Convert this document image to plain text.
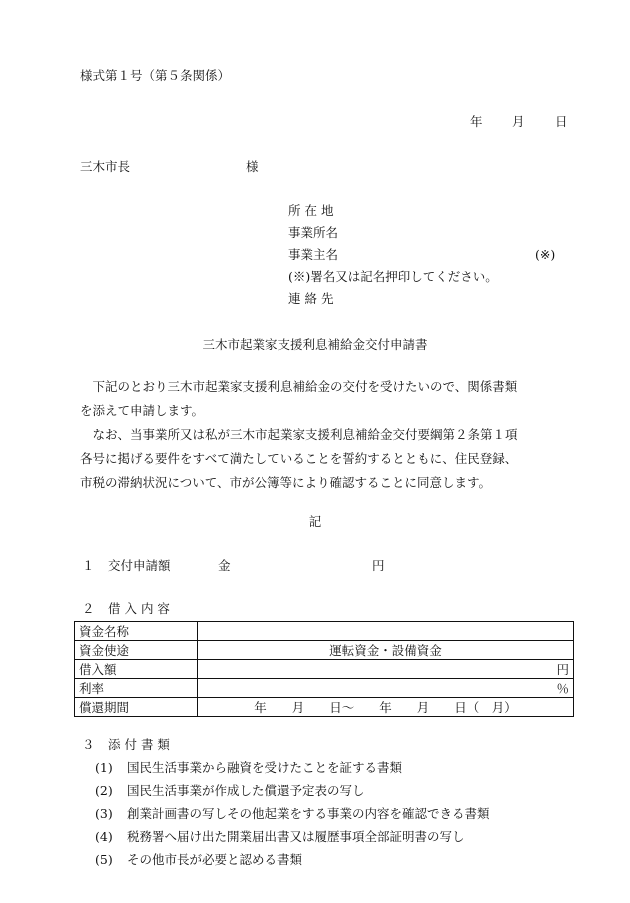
様式第１号（第５条関係）
年 月 日
三木市長	様
所 在 地
事業所名
事業主名	(※)
(※)署名又は記名押印してください。
連 絡 先
三木市起業家支援利息補給金交付申請書
下記のとおり三木市起業家支援利息補給金の交付を受けたいので、関係書類
を添えて申請します。
なお、当事業所又は私が三木市起業家支援利息補給金交付要綱第２条第１項
各号に掲げる要件をすべて満たしていることを誓約するとともに、住民登録、
市税の滞納状況について、市が公簿等により確認することに同意します。
記
１ 交付申請額	金	円
２ 借 入 内 容
資金名称	
資金使途	運転資金・設備資金
借入額	円
利率	％
償還期間	年　　月　　日～　　年　　月　　日（　月）
３ 添 付 書 類
(1) 国民生活事業から融資を受けたことを証する書類
(2) 国民生活事業が作成した償還予定表の写し
(3) 創業計画書の写しその他起業をする事業の内容を確認できる書類
(4) 税務署へ届け出た開業届出書又は履歴事項全部証明書の写し
(5) その他市長が必要と認める書類
